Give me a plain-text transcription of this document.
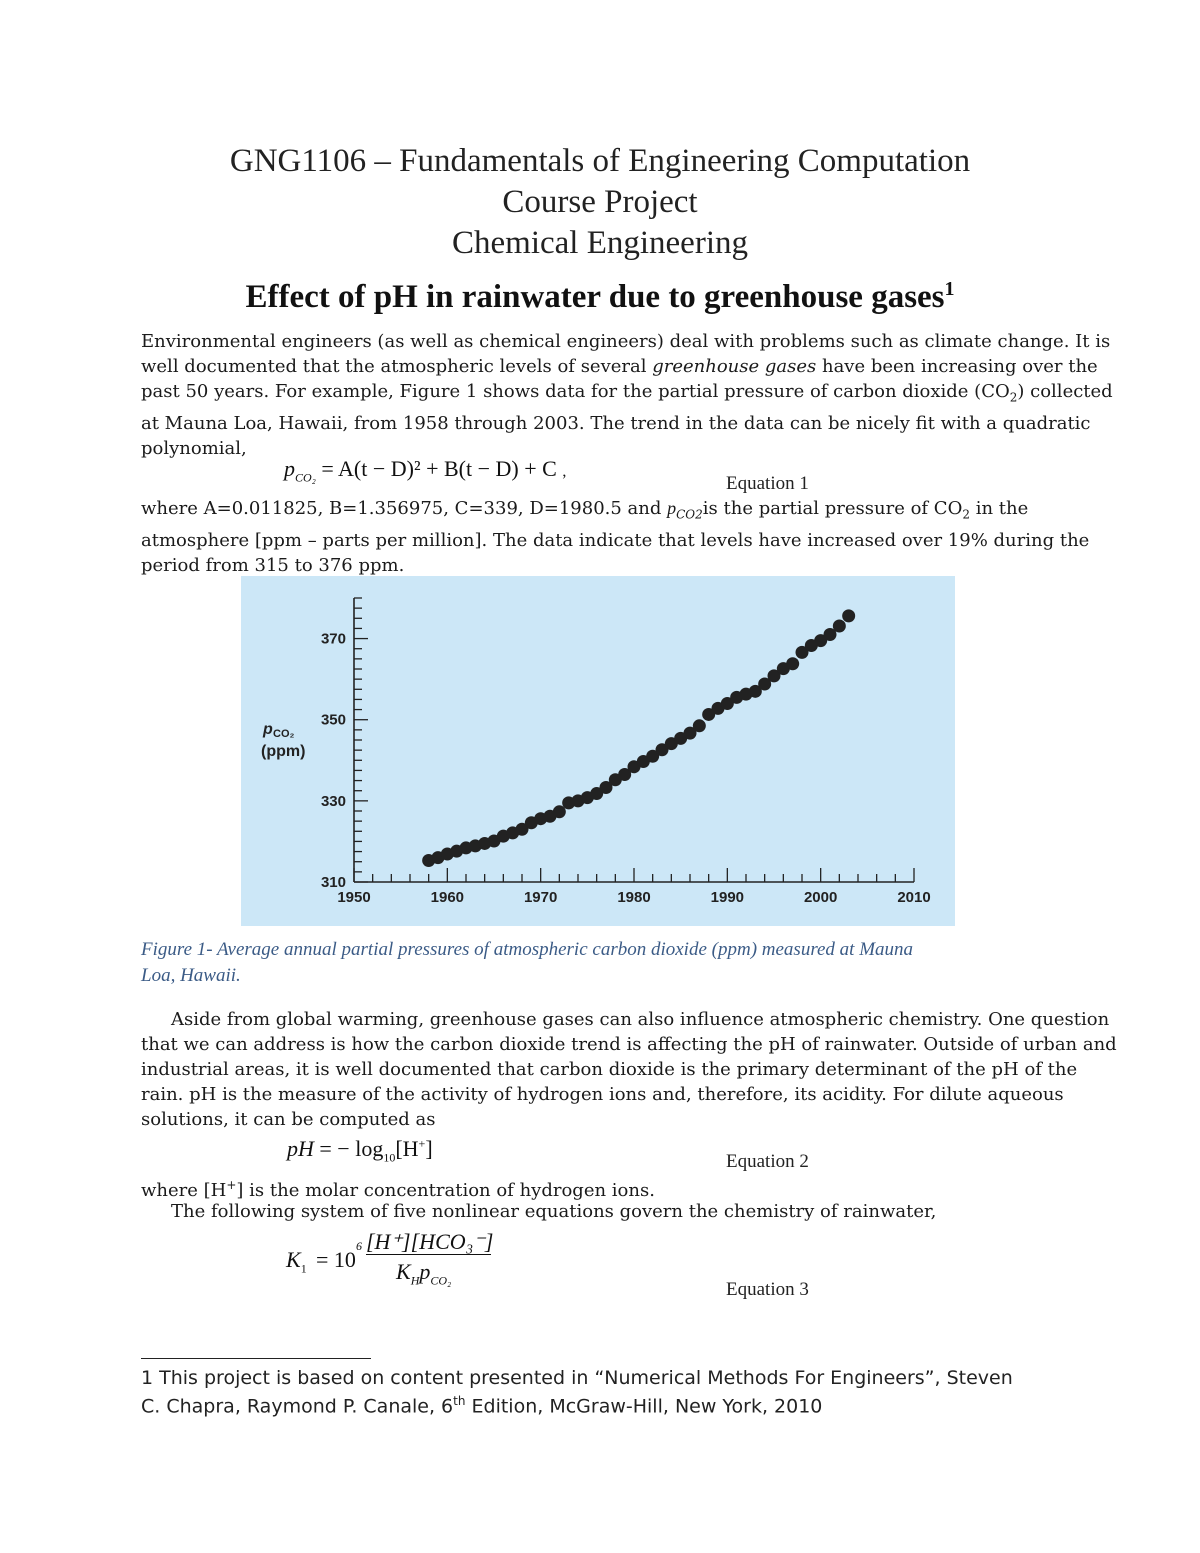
GNG1106 – Fundamentals of Engineering Computation
Course Project
Chemical Engineering
Effect of pH in rainwater due to greenhouse gases$^1$
Environmental engineers (as well as chemical engineers) deal with problems such as climate change. It is
well documented that the atmospheric levels of several greenhouse gases have been increasing over the
past 50 years. For example, Figure 1 shows data for the partial pressure of carbon dioxide $(CO_2)$ collected
at Mauna Loa, Hawaii, from 1958 through 2003. The trend in the data can be nicely fit with a quadratic
polynomial,
$p_{CO_2} = A(t - D)^2 + B(t - D) + C$ ,
Equation 1
where A=0.011825, B=1.356975, C=339, D=1980.5 and $p_{CO2}is$ the partial pressure of $CO_2$ in the
atmosphere [ppm – parts per million]. The data indicate that levels have increased over 19% during the
period from 315 to 376 ppm.
310
330
350
370
1950	1960	1970	1980	1990	2000	2010
p CO₂
(ppm)
Figure 1- Average annual partial pressures of atmospheric carbon dioxide (ppm) measured at Mauna
Loa, Hawaii.
Aside from global warming, greenhouse gases can also influence atmospheric chemistry. One question
that we can address is how the carbon dioxide trend is affecting the pH of rainwater. Outside of urban and
industrial areas, it is well documented that carbon dioxide is the primary determinant of the pH of the
rain. pH is the measure of the activity of hydrogen ions and, therefore, its acidity. For dilute aqueous
solutions, it can be computed as
pH = − $\log_{10}[H^+]$
Equation 2
where [H+] is the molar concentration of hydrogen ions.
The following system of five nonlinear equations govern the chemistry of rainwater,
$K_1 = 10$
6 [H⁺][HCO₃⁻]
$K_Hp_{CO_2}$	Equation 3
1 This project is based on content presented in “Numerical Methods For Engineers”, Steven
C. Chapra, Raymond P. Canale, 6th Edition, McGraw-Hill, New York, 2010
